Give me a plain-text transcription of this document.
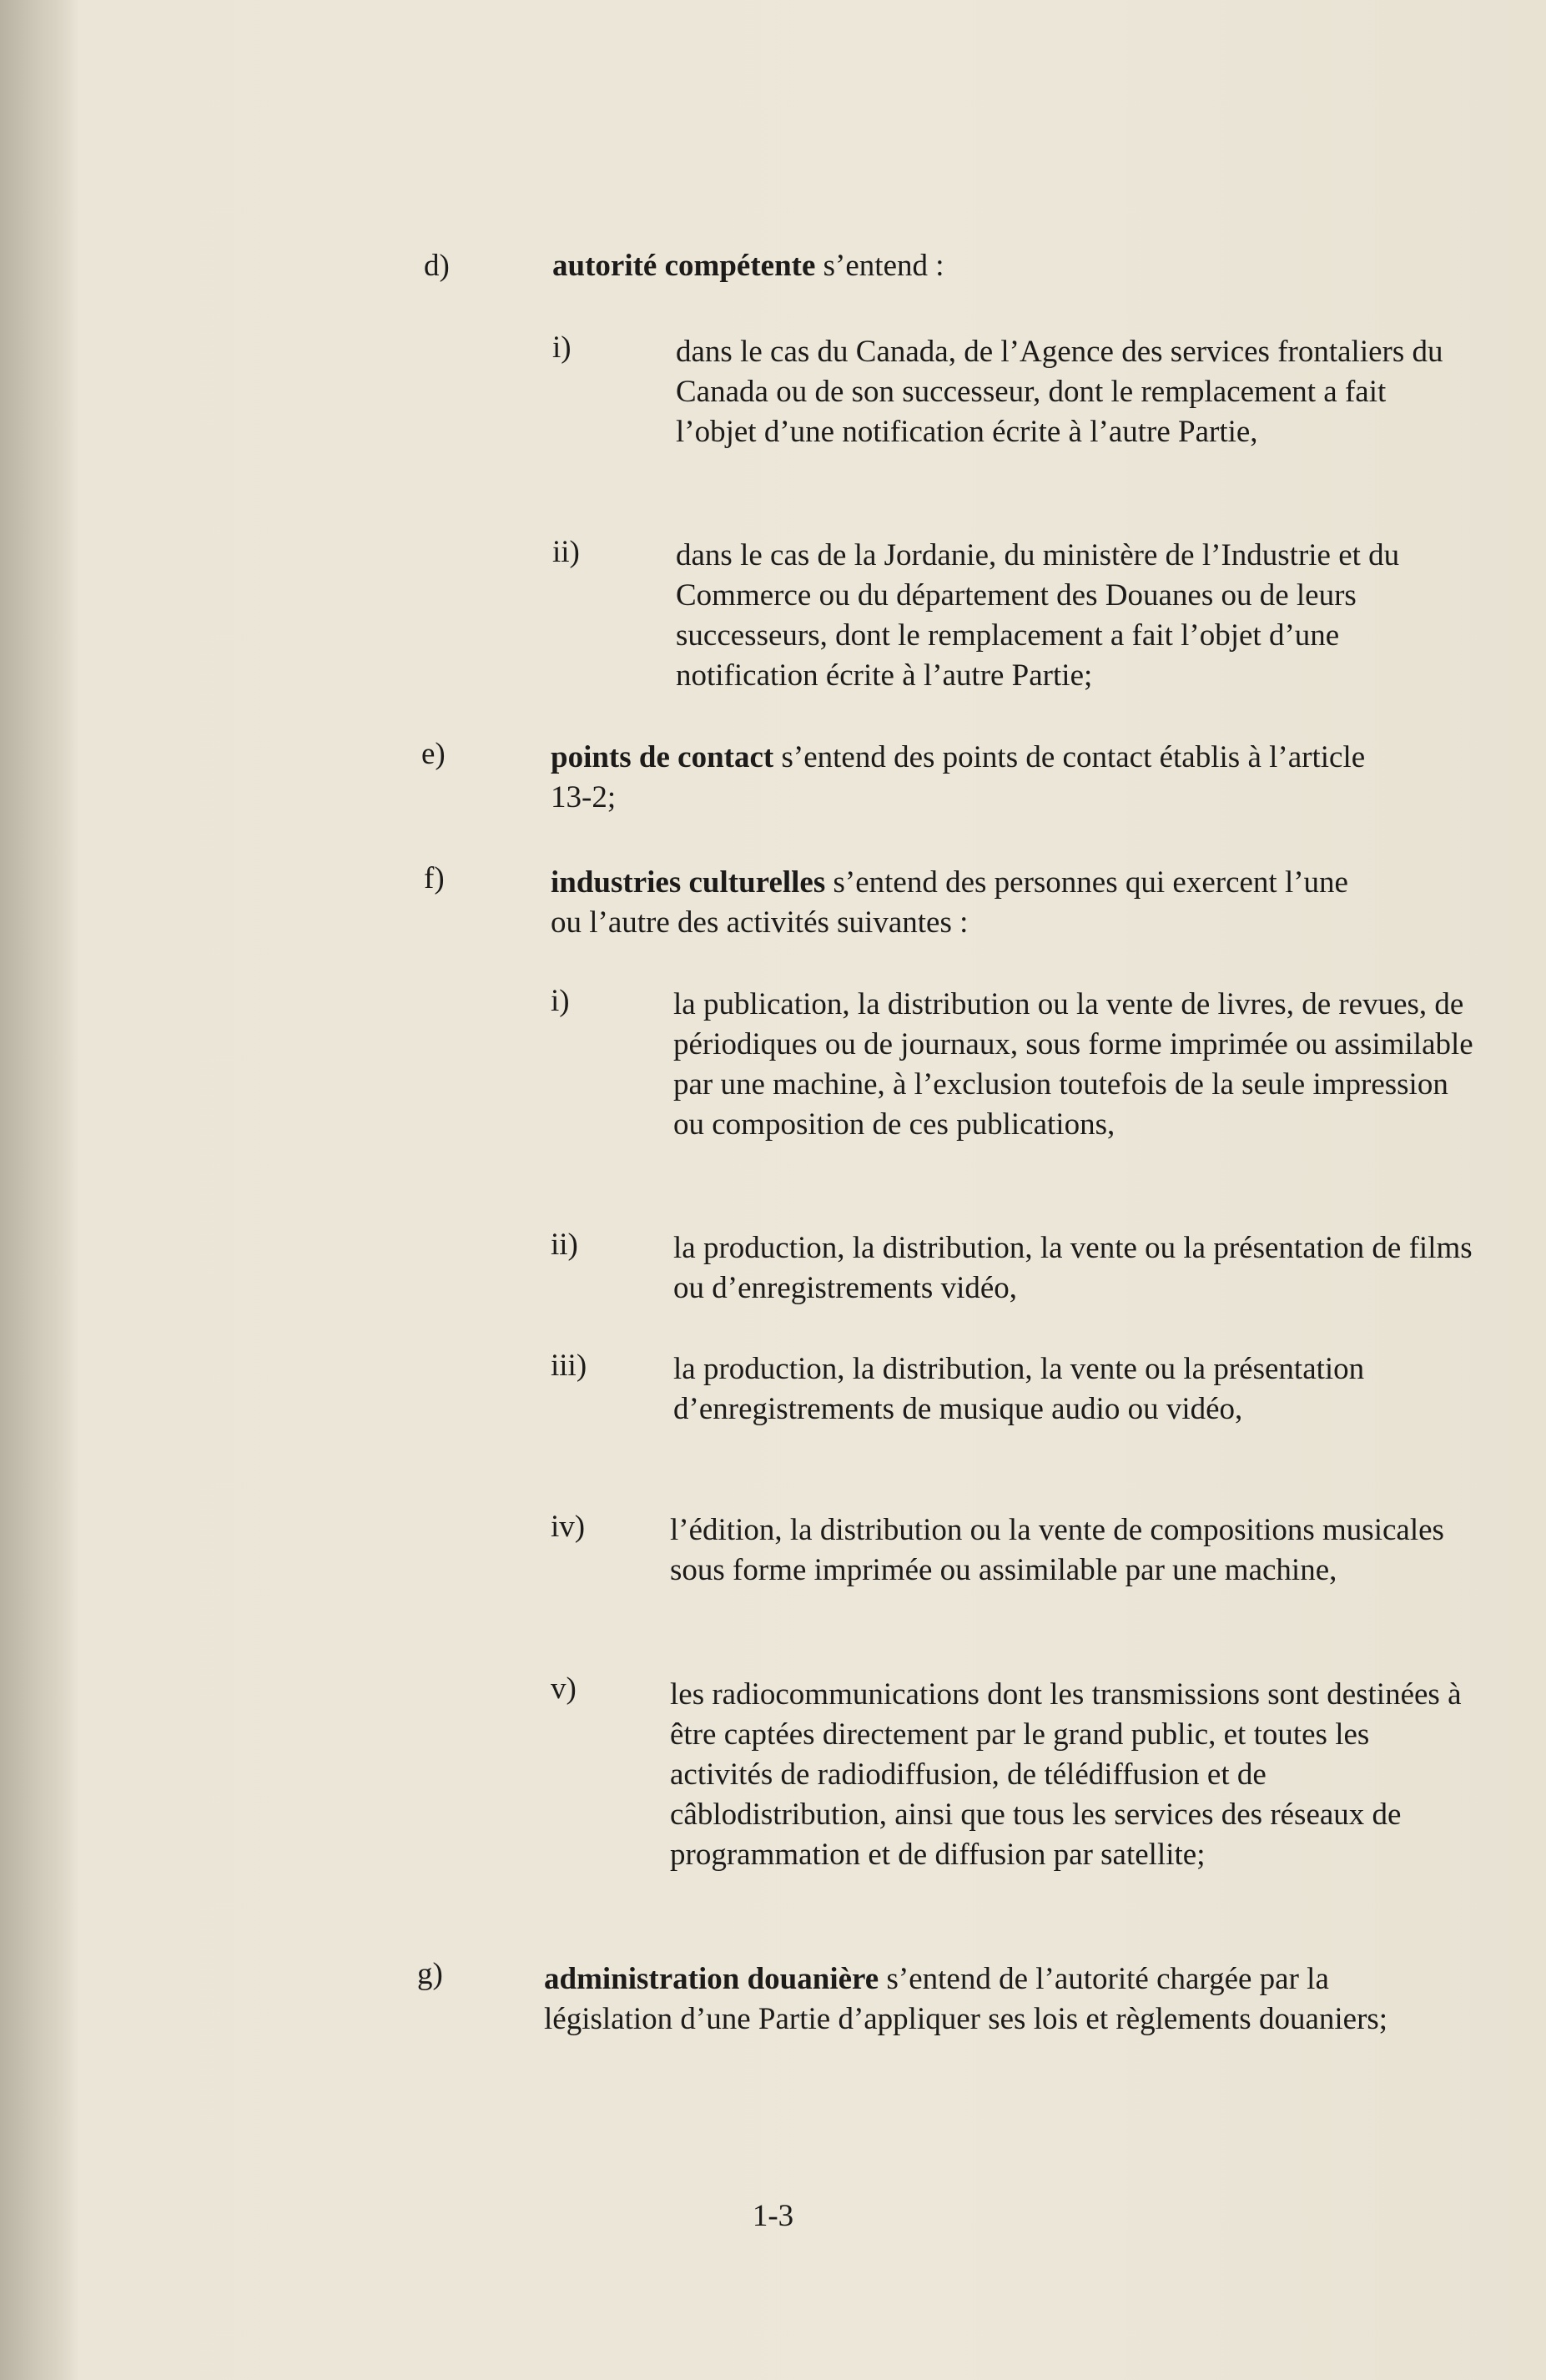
d)	autorité compétente s’entend :
i)	dans le cas du Canada, de l’Agence des services frontaliers du Canada ou de son successeur, dont le remplacement a fait l’objet d’une notification écrite à l’autre Partie,
ii)	dans le cas de la Jordanie, du ministère de l’Industrie et du Commerce ou du département des Douanes ou de leurs successeurs, dont le remplacement a fait l’objet d’une notification écrite à l’autre Partie;
e)	points de contact s’entend des points de contact établis à l’article 13-2;
f)	industries culturelles s’entend des personnes qui exercent l’une ou l’autre des activités suivantes :
i)	la publication, la distribution ou la vente de livres, de revues, de périodiques ou de journaux, sous forme imprimée ou assimilable par une machine, à l’exclusion toutefois de la seule impression ou composition de ces publications,
ii)	la production, la distribution, la vente ou la présentation de films ou d’enregistrements vidéo,
iii)	la production, la distribution, la vente ou la présentation d’enregistrements de musique audio ou vidéo,
iv)	l’édition, la distribution ou la vente de compositions musicales sous forme imprimée ou assimilable par une machine,
v)	les radiocommunications dont les transmissions sont destinées à être captées directement par le grand public, et toutes les activités de radiodiffusion, de télédiffusion et de câblodistribution, ainsi que tous les services des réseaux de programmation et de diffusion par satellite;
g)	administration douanière s’entend de l’autorité chargée par la législation d’une Partie d’appliquer ses lois et règlements douaniers;
1-3
